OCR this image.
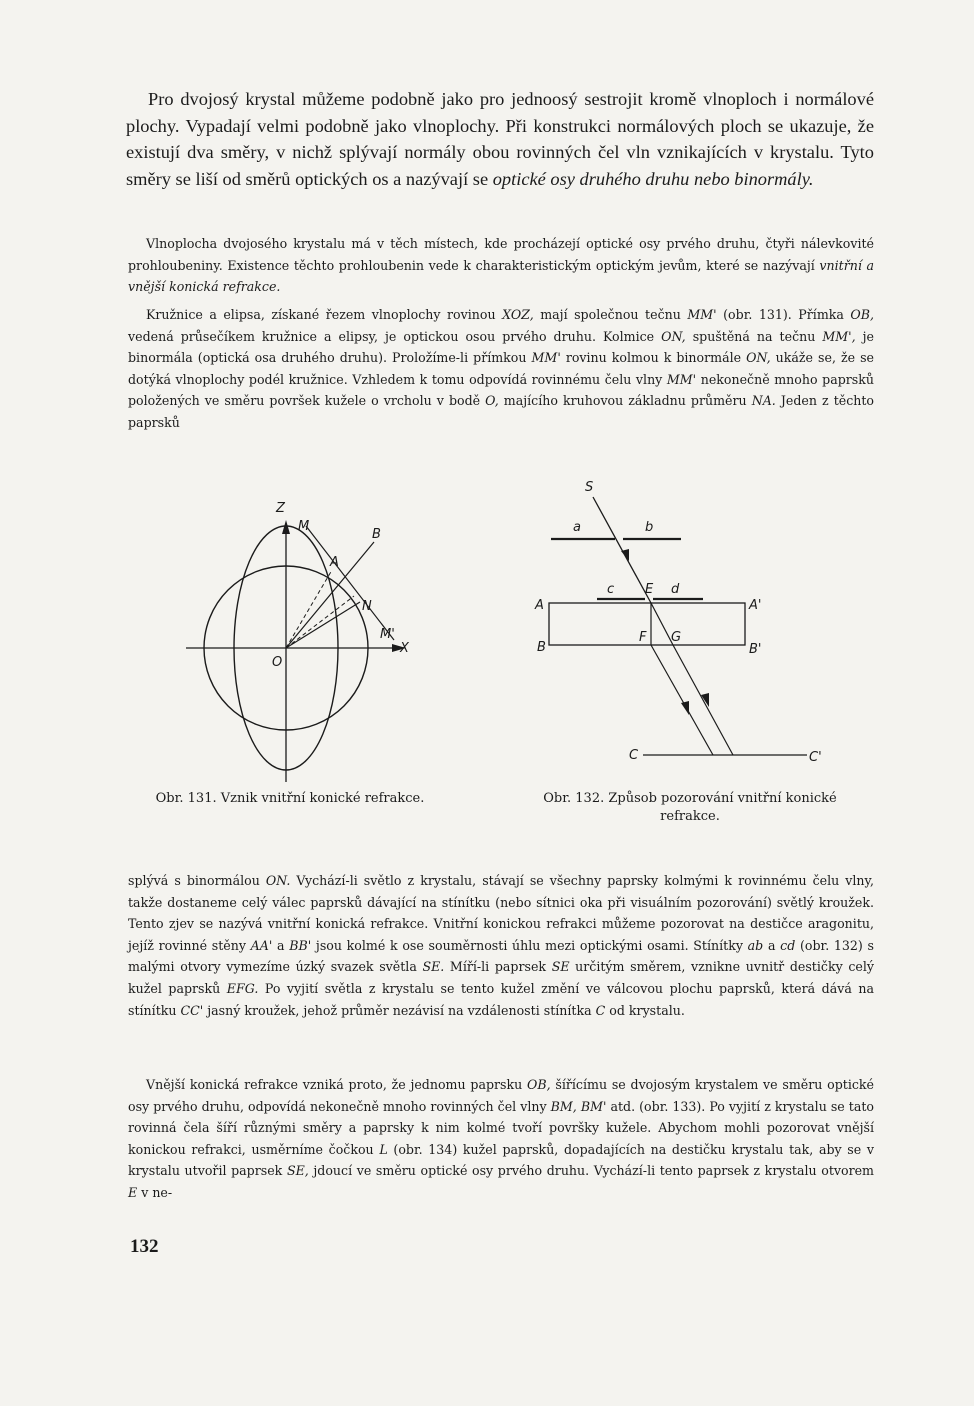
Pro dvojosý krystal můžeme podobně jako pro jednoosý sestrojit kromě vlnoploch i normálové plochy. Vypadají velmi podobně jako vlnoplochy. Při konstrukci normálových ploch se ukazuje, že existují dva směry, v nichž splývají normály obou rovinných čel vln vznikajících v krystalu. Tyto směry se liší od směrů optických os a nazývají se optické osy druhého druhu nebo binormály.

Vlnoplocha dvojosého krystalu má v těch místech, kde procházejí optické osy prvého druhu, čtyři nálevkovité prohloubeniny. Existence těchto prohloubenin vede k charakteristickým optickým jevům, které se nazývají vnitřní a vnější konická refrakce.

Kružnice a elipsa, získané řezem vlnoplochy rovinou XOZ, mají společnou tečnu MM' (obr. 131). Přímka OB, vedená průsečíkem kružnice a elipsy, je optickou osou prvého druhu. Kolmice ON, spuštěná na tečnu MM', je binormála (optická osa druhého druhu). Proložíme-li přímkou MM' rovinu kolmou k binormále ON, ukáže se, že se dotýká vlnoplochy podél kružnice. Vzhledem k tomu odpovídá rovinnému čelu vlny MM' nekonečně mnoho paprsků položených ve směru površek kužele o vrcholu v bodě O, majícího kruhovou základnu průměru NA. Jeden z těchto paprsků

Z
M
B
A
N
M'
O
X
Obr. 131. Vznik vnitřní konické refrakce.
S
a	b
c E d
A	A'
F G
B	B'
C	C'
Obr. 132. Způsob pozorování vnitřní konické refrakce.

splývá s binormálou ON. Vychází-li světlo z krystalu, stávají se všechny paprsky kolmými k rovinnému čelu vlny, takže dostaneme celý válec paprsků dávající na stínítku (nebo sítnici oka při visuálním pozorování) světlý kroužek. Tento zjev se nazývá vnitřní konická refrakce. Vnitřní konickou refrakci můžeme pozorovat na destičce aragonitu, jejíž rovinné stěny AA' a BB' jsou kolmé k ose souměrnosti úhlu mezi optickými osami. Stínítky ab a cd (obr. 132) s malými otvory vymezíme úzký svazek světla SE. Míří-li paprsek SE určitým směrem, vznikne uvnitř destičky celý kužel paprsků EFG. Po vyjití světla z krystalu se tento kužel změní ve válcovou plochu paprsků, která dává na stínítku CC' jasný kroužek, jehož průměr nezávisí na vzdálenosti stínítka C od krystalu.

Vnější konická refrakce vzniká proto, že jednomu paprsku OB, šířícímu se dvojosým krystalem ve směru optické osy prvého druhu, odpovídá nekonečně mnoho rovinných čel vlny BM, BM' atd. (obr. 133). Po vyjití z krystalu se tato rovinná čela šíří různými směry a paprsky k nim kolmé tvoří površky kužele. Abychom mohli pozorovat vnější konickou refrakci, usměrníme čočkou L (obr. 134) kužel paprsků, dopadajících na destičku krystalu tak, aby se v krystalu utvořil paprsek SE, jdoucí ve směru optické osy prvého druhu. Vychází-li tento paprsek z krystalu otvorem E v ne-

132
